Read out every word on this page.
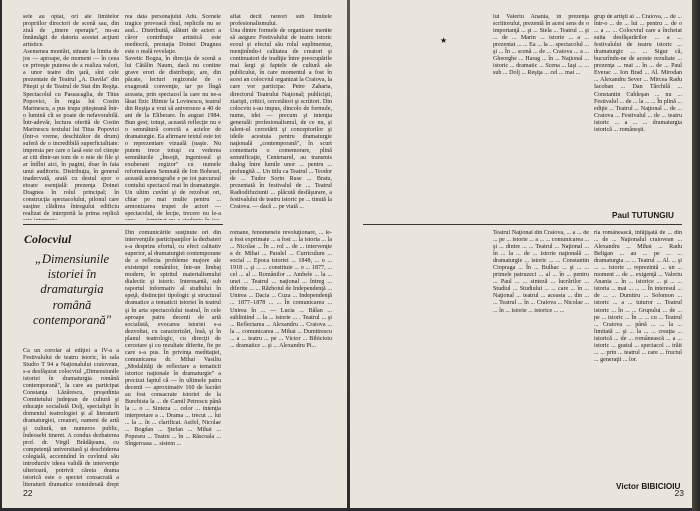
sele au optat, ori ale limitelor propriilor directori de scenă sau, din ziuă de „tinere operaţie", nu-au înnămăgit de datoria acestei acţiuni artistice.
Asemenea montări, situate la limita de jos — aproape, de moment — în ceea ce priveşte puterea de a realiza valori, a unor teatre din ţară, sînt cele prezentate de Teatrul „A. Davila" din Piteşti şi de Teatrul de Stat din Reşiţa. Spectacolul cu Passacaglia, de Titus Popovici, în regia lui Costin Marinescu, a pus trupa piteşteană într-o lumină cît se poate de nefavorabilă. Într-adevăr, lectura oferită de Costin Marinescu textului lui Titus Popovici (într-o vreme, deschizător de drum) suferă de o incredibilă superficialitate: impresia per care o lasă este cel citeşte ar citi dintr-un tom de o mie de file şi ar întîlni aici, în pagini, doar în fata unui auditoriu. Distribuţia, în general inadecvată, arată cu destul spor o etoare esenţială: prezenţa Doinei Dragnea în rolul principal; în construcţia spectacolului, pilonul care susţine clădirea întregului edificiu realizat de interpretă la prima replică
rea data personajului Adu. Scenele tragice provoacă rîsul, replicile nu se aud... Distribuită, alături de actori a căror contribuţie artistică este mediocră, prestaţia Doinei Dragnea este o reală revelaţie.
Savetic Bogza, în direcţia de scenă a lui Cătălin Naum, dacă nu contine grave erori de distribuţie, are, din păcate, lecturi regizorale de o exagerată convenţie, iar pe lîngă aceasta, prin spectacol la care nu ne-a lăsat fizic Iftimie la Lovinescu, teatrul din Reşiţa a vrut să aniverseze a 40 de ani de la Eliberare. În august 1984. Bun gest; totuşi, această reflecţie nu e o semnătură corectă a actelor de dramaturgie. Ea afirmare textul este tot o reprezentare vizuală (naşte. Nu putem trece totuşi cu vederea semnăturile „Însoţit, ingeniosul şi exuberant regizor" cu numele reformularea Semnată de Ion Bobesei, această sceneografie e pe tot parcursul contului spectacol mai în dramaturgie. Un ultim cuvînt şi de rezolvat ori, chiar pe mai multe pentru ... armonizarea trupei de actori — spectacolul, de lecţie, trecere nu le-a
aflat decît rareori sub limitele profesionalismului.
Una dintre formele de organizare menite să asigure Festivalului de teatru istoric ecoul şi efectul său rolul suplimentar, menţinîndu-i calitatea de creatori şi continuatori de tradiţie între preocupările mai largi şi faptele de cultură ale publicului, în care momentul a fost în acest an colocviul organizat la Craiova, la care vor participa: Petre Zaharia, directorul Teatrului Naţional; publicişti, ziarişti, critici, cercetători şi scriitori. Din colocviu s-au impus, dincolo de formule, nume, idei — precum şi intenţia generală: profesionalismul, de ce nu, şi talent-ul cercetării şi conceptorilor şi ideile acestuia pentru dramaturgie naţională „contemporană", în scurt comentariu o comemorare, plină semnificaţie, Centenarul, au transmis dialog între lumile unor ... pentru ... prelungită ... Un titlu ca Teatrul ... Teodor de ... Tudor Sorin Ruse ... Bratu, prezentată în festivalul de ... Teatrul Radiodifuziunii ... plăcută desfăşurare, a festivalului de teatru istoric pe ... tinută la Craiova. — dacă ... pe viată ...
Colocviul
„Dimensiunile istoriei în dramaturgia română contemporană"
Ca un corolar al ediţiei a IV-a a Festivalului de teatru istoric, în sala Studio T 94 a Naţionalului craiovean, s-a desfăşurat colocviul „Dimensiunile istoriei în dramaturgia română contemporană", la care au participat Constanţa Lăzărescu, preşedinta Comitetului judeţean de cultură şi educaţie socialistă Dolj, specialişti în domeniul teatrologiei şi al literaturii dramaturgiei, creatori, oameni de artă şi cultură, un numeros public, îndeosebi tineret. A condus dezbaterea prof. dr. Virgil Brădăţeanu, cu competenţă universitară şi deschiderea colegială, accentuînd în cuvîntul său introductiv ideea validă de intervenţie ulterioară, potrivit căreia drama istorică este o speciei consacrată a literaturii dramatice considerată drept
Din comunicările susţinute ori din intervenţiile participanţilor la dezbateri s-a desprins efortul, cu efect calitativ superior, al dramaturgiei contemporane de a reflecta probleme majore ale existenţei românilor, într-un limbaj modern, în spiritul materialismului dialectic şi istoric. Interesantă, sub raportul informativ al studiului în speţă, distincţiei tipologic şi structural dramatice a tematicii istoriei în teatrul şi în arta spectacolului teatral, în cele aproape patru decenii de artă socialistă, evocarea istoriei s-a dezvoltat, cu caracterizări, însă, şi în planul teatrologic, cu direcţii de cercetare şi cu rezultate diferite, fie pe care s-a pus. În privinţa meditaţiei, comunicarea dr. Mihai Vasiliu „Modalităţi de reflectare a tematicii istorice naţionale în dramaturgie" a precizat faptul că — în ultimele patru decenii — aproximativ 160 de lucrări au fost consacrate istoriei de la Burebista la ... de Camil Petrescu până la ... o ... Sinteza ... celor ... intenţia interpretare a ... Drama ... trecut ... lui ... la ... în ... clarificat. Astfel, Nicolae ... Bogdan ... Ştefan ... Mihai ... Popeseu ... Teatru ... în ... Răscoala ... Sîngeroasa ... sistem ...
romane, fenomenele revoluţionare, ... le-a fost exprimate ... a fost ... la istoria ... la ... Nicolae ... În ... rol ... de ... intervenţie a dr. Mihai ... Paralel ... Curriculum ... social ... Epoca istoriei ... 1848, ... o ... 1918 ... şi ... ... constituie ... o ... 1877, ... cel ... al ... Românilor ... Ambele ... la ... unei ... Teatrul ... naţional ... întreg ... diferite ... ... Războiul de Independenţă ... Unirea ... Dacia ... Cuza ... Independenţă ... 1877–1878 ... ... În comunicarea ... Unirea în ... — Lucia ... Bălan ... subliniind ... la ... istorie ... . Teatrul ... şi ... Reflectarea ... Alexandru ... Craiova ... la ... comunicarea ... Mihai ... Dumitrescu ... a ... teatru ... pe ... Victor ... Bibicioiu ... dramatice ... şi ... Alexandru Pi...
22
★
lui Valeriu Anania, în prezenţa scriitorului, prezentă în acest sens de o importanţă ... şi ... Stela ... Teatrul ... şi ... de ... Marin ... istorie ... a ... prezentat ... ... Ea ... la ... spectacolul ... şi ... În ... scenă ... de ... Craiova ... a ... Gheorghe ... Harag ... în ... Naţional ... istoric ... dramatic ... Scena ... Iaşi ... ... sub ... Dolj ... Reşiţa ... cel ... mai ...
grup de artişti ai ... Craiova, ... de ... într-o ... de ... lui ... pentru ... de o ... a ... ... Colocviul care a încheiat suita desfăşurărilor ... a ... festivalului de teatru istoric ... dramaturgic ... ... Sigur că, bucurîndu-ne de aceste rezultate ... prezenţa ... mai ... în ... de ... Paul Everac ... Ion Brad ... Al. Mirodan ... Alexandru Sever ... Mircea Radu Iacoban ... Dan Tărchilă ... Constantin Cubleşan ... nu ... Festivalul ... de ... la ... ... În plină ... ediţie ... Teatrul ... Naţional ... de ... Craiova ... Festivalul ... de ... teatru istoric ... a ... ... dramaturgia istorică ... româneşti.
Paul TUTUNGIU
Teatrul Naţional din Craiova, ... a ... de ... pe ... istorie ... a ... ... comunicarea ... şi ... dintre ... ... Teatrul ... Naţional ... în ... la ... de ... istorie naţională ... dramaturgie ... istoric ... ... Constantin Ciopraga ... În ... Bulhac ... şi ... ... primele patruzeci ... al ... în ... pentru ... Paul ... ... sinteză ... lucrărilor ... Studiul ... Studiului ... ... care ... în ... Naţional ... teatrul ... aceasta ... din ... ... Teatrul ... în ... Craiova ... Nicolae ... ... în ... istorie ... istorice ... ...
ria românească, înfăţişată de ... din ... de ... Naţionalul craiovean ... Alexandru ... Mihai ... Radu Beligan ... au ... pe ... ... dramaturgia ... ... Teatrul ... Al. ... şi ... ... istorie ... reprezintă ... un ... moment ... de ... exigenţă ... Valeriu Anania ... în ... istorice ... şi ... ... istoria ... mai ... ... ... În interesul ... de ... ... Dumitru ... Solomon ... istoric ... a ... tuturor ... Teatrul istoric ... în ... ... Grupului ... de ... pe ... istoric ... În ... ... cu ... Teatrul ... Craiova ... până ... ... la ... limitată ... şi ... la ... ... creaţia ... istorică ... de ... românească ... a ... istoric ... gustul ... spectacol ... trăit ... ... prin ... teatrul ... care ... fructul ... generaţii ... lor.
Victor BIBICIOIU
23
